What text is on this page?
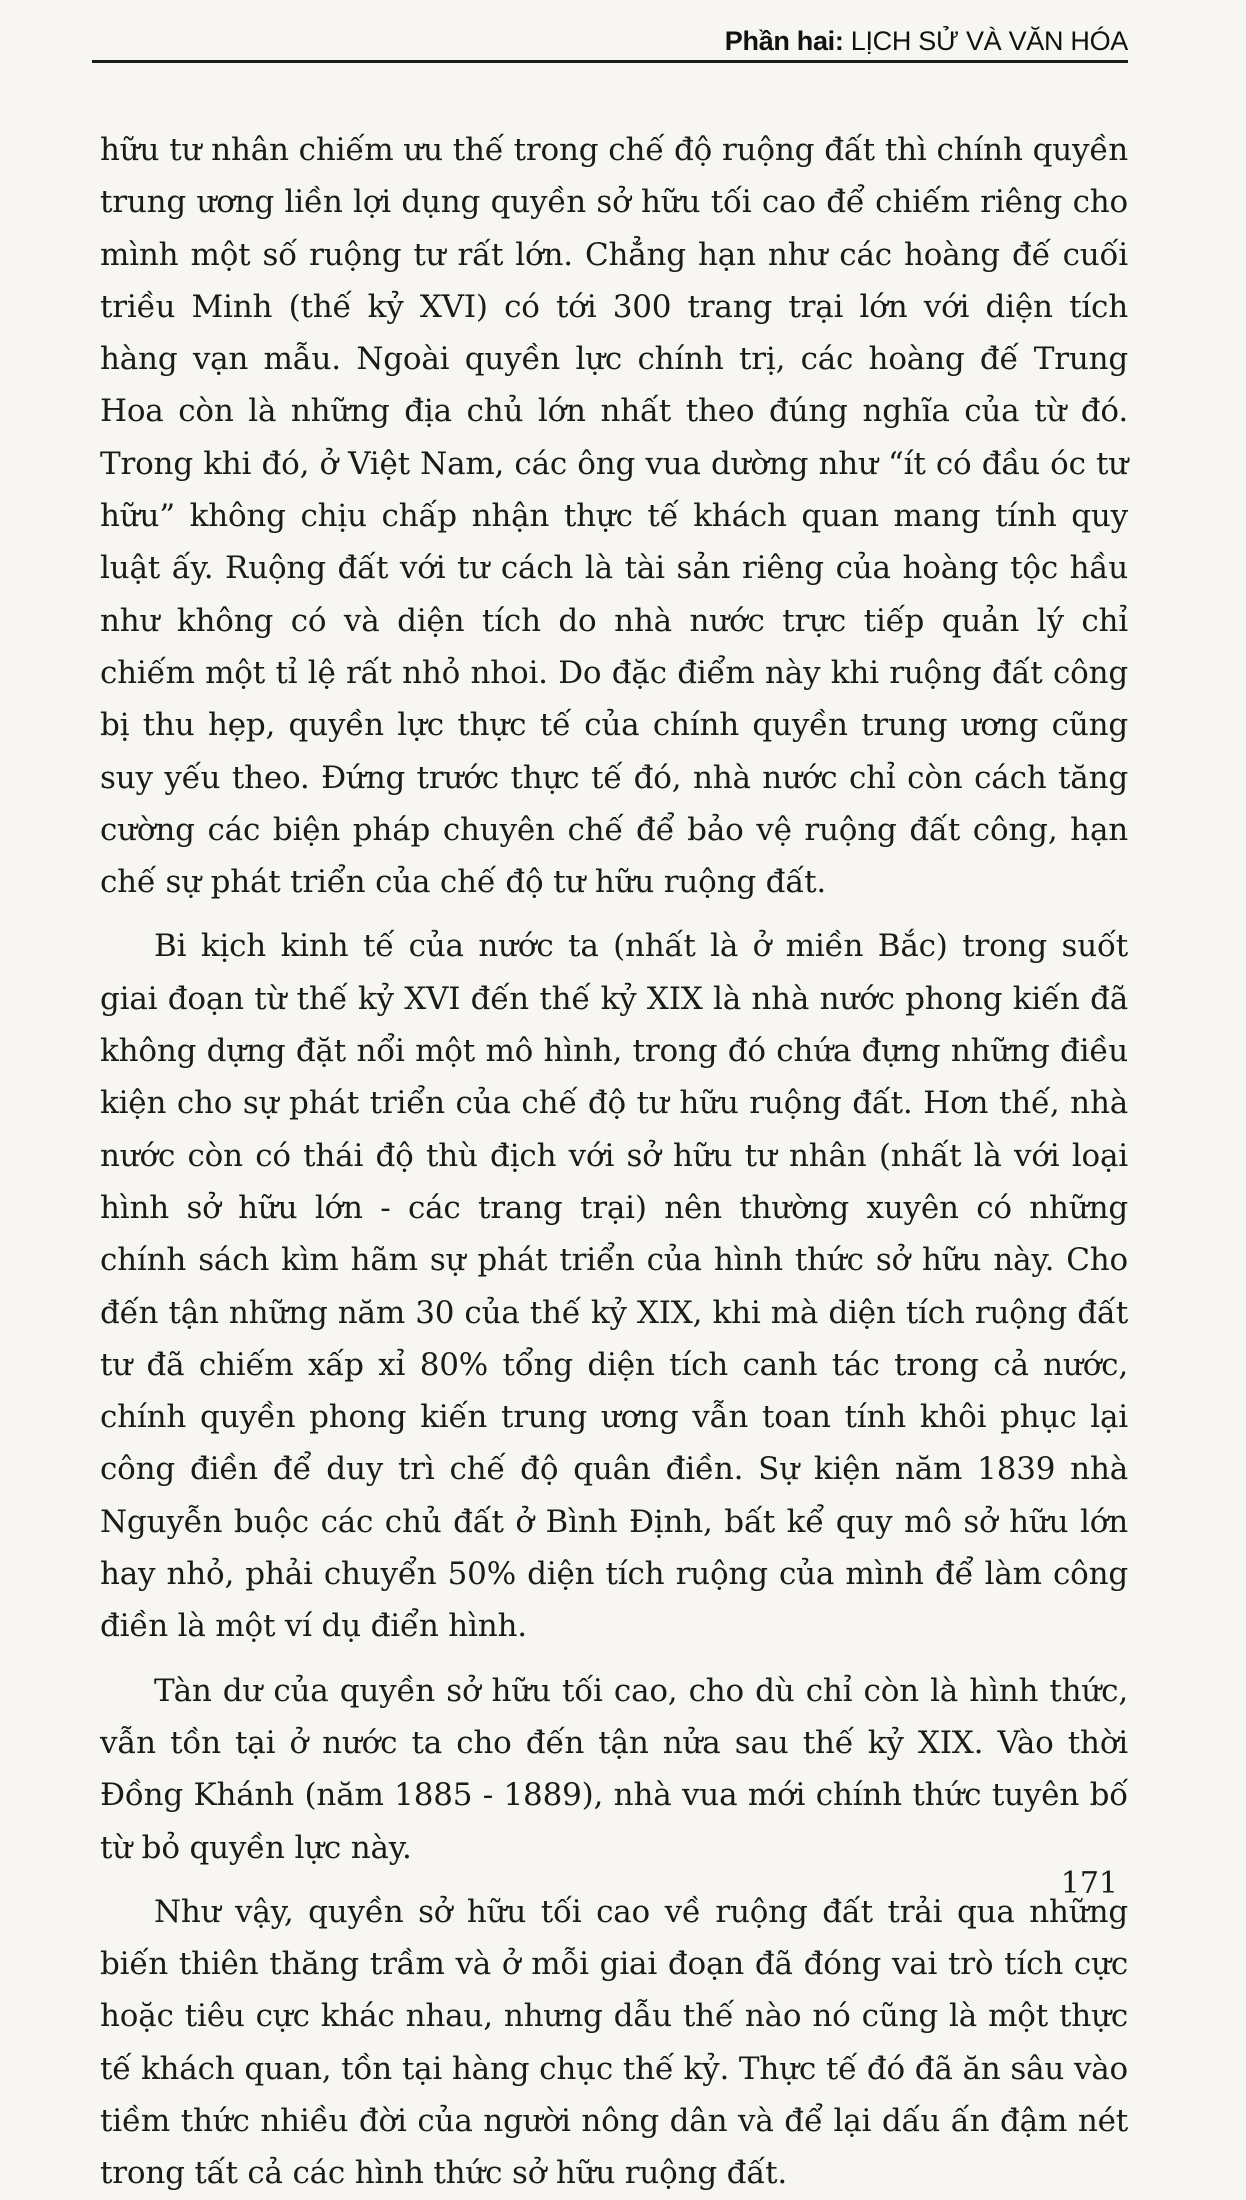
Phần hai: LỊCH SỬ VÀ VĂN HÓA

hữu tư nhân chiếm ưu thế trong chế độ ruộng đất thì chính quyền trung ương liền lợi dụng quyền sở hữu tối cao để chiếm riêng cho mình một số ruộng tư rất lớn. Chẳng hạn như các hoàng đế cuối triều Minh (thế kỷ XVI) có tới 300 trang trại lớn với diện tích hàng vạn mẫu. Ngoài quyền lực chính trị, các hoàng đế Trung Hoa còn là những địa chủ lớn nhất theo đúng nghĩa của từ đó. Trong khi đó, ở Việt Nam, các ông vua dường như “ít có đầu óc tư hữu” không chịu chấp nhận thực tế khách quan mang tính quy luật ấy. Ruộng đất với tư cách là tài sản riêng của hoàng tộc hầu như không có và diện tích do nhà nước trực tiếp quản lý chỉ chiếm một tỉ lệ rất nhỏ nhoi. Do đặc điểm này khi ruộng đất công bị thu hẹp, quyền lực thực tế của chính quyền trung ương cũng suy yếu theo. Đứng trước thực tế đó, nhà nước chỉ còn cách tăng cường các biện pháp chuyên chế để bảo vệ ruộng đất công, hạn chế sự phát triển của chế độ tư hữu ruộng đất.

Bi kịch kinh tế của nước ta (nhất là ở miền Bắc) trong suốt giai đoạn từ thế kỷ XVI đến thế kỷ XIX là nhà nước phong kiến đã không dựng đặt nổi một mô hình, trong đó chứa đựng những điều kiện cho sự phát triển của chế độ tư hữu ruộng đất. Hơn thế, nhà nước còn có thái độ thù địch với sở hữu tư nhân (nhất là với loại hình sở hữu lớn - các trang trại) nên thường xuyên có những chính sách kìm hãm sự phát triển của hình thức sở hữu này. Cho đến tận những năm 30 của thế kỷ XIX, khi mà diện tích ruộng đất tư đã chiếm xấp xỉ 80% tổng diện tích canh tác trong cả nước, chính quyền phong kiến trung ương vẫn toan tính khôi phục lại công điền để duy trì chế độ quân điền. Sự kiện năm 1839 nhà Nguyễn buộc các chủ đất ở Bình Định, bất kể quy mô sở hữu lớn hay nhỏ, phải chuyển 50% diện tích ruộng của mình để làm công điền là một ví dụ điển hình.

Tàn dư của quyền sở hữu tối cao, cho dù chỉ còn là hình thức, vẫn tồn tại ở nước ta cho đến tận nửa sau thế kỷ XIX. Vào thời Đồng Khánh (năm 1885 - 1889), nhà vua mới chính thức tuyên bố từ bỏ quyền lực này.

Như vậy, quyền sở hữu tối cao về ruộng đất trải qua những biến thiên thăng trầm và ở mỗi giai đoạn đã đóng vai trò tích cực hoặc tiêu cực khác nhau, nhưng dẫu thế nào nó cũng là một thực tế khách quan, tồn tại hàng chục thế kỷ. Thực tế đó đã ăn sâu vào tiềm thức nhiều đời của người nông dân và để lại dấu ấn đậm nét trong tất cả các hình thức sở hữu ruộng đất.

171
